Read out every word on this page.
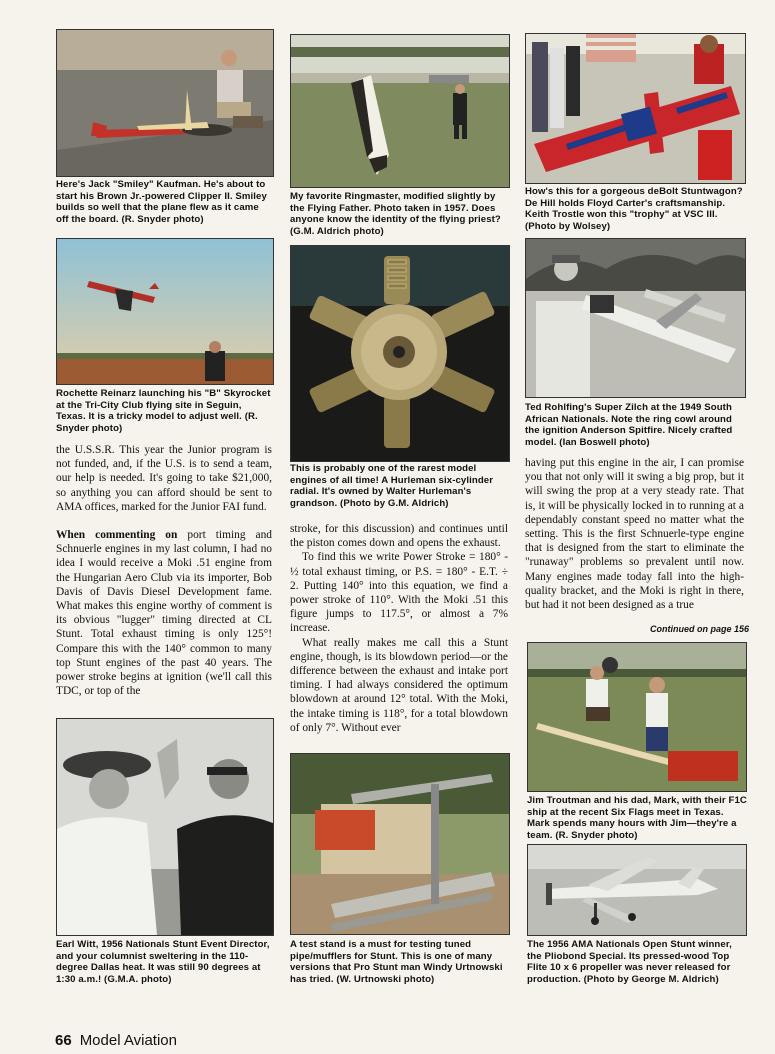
Here's Jack "Smiley" Kaufman. He's about to start his Brown Jr.-powered Clipper II. Smiley builds so well that the plane flew as it came off the board. (R. Snyder photo)
My favorite Ringmaster, modified slightly by the Flying Father. Photo taken in 1957. Does anyone know the identity of the flying priest? (G.M. Aldrich photo)
How's this for a gorgeous deBolt Stuntwagon? De Hill holds Floyd Carter's craftsmanship. Keith Trostle won this "trophy" at VSC III. (Photo by Wolsey)
Rochette Reinarz launching his "B" Skyrocket at the Tri-City Club flying site in Seguin, Texas. It is a tricky model to adjust well. (R. Snyder photo)
This is probably one of the rarest model engines of all time! A Hurleman six-cylinder radial. It's owned by Walter Hurleman's grandson. (Photo by G.M. Aldrich)
Ted Rohlfing's Super Zilch at the 1949 South African Nationals. Note the ring cowl around the ignition Anderson Spitfire. Nicely crafted model. (Ian Boswell photo)

the U.S.S.R. This year the Junior program is not funded, and, if the U.S. is to send a team, our help is needed. It's going to take $21,000, so anything you can afford should be sent to AMA offices, marked for the Junior FAI fund.

When commenting on port timing and Schnuerle engines in my last column, I had no idea I would receive a Moki .51 engine from the Hungarian Aero Club via its importer, Bob Davis of Davis Diesel Development fame. What makes this engine worthy of comment is its obvious "lugger" timing directed at CL Stunt. Total exhaust timing is only 125°! Compare this with the 140° common to many top Stunt engines of the past 40 years. The power stroke begins at ignition (we'll call this TDC, or top of the

stroke, for this discussion) and continues until the piston comes down and opens the exhaust.

To find this we write Power Stroke = 180° - ½ total exhaust timing, or P.S. = 180° - E.T. ÷ 2. Putting 140° into this equation, we find a power stroke of 110°. With the Moki .51 this figure jumps to 117.5°, or almost a 7% increase.

What really makes me call this a Stunt engine, though, is its blowdown period—or the difference between the exhaust and intake port timing. I had always considered the optimum blowdown at around 12° total. With the Moki, the intake timing is 118°, for a total blowdown of only 7°. Without ever

having put this engine in the air, I can promise you that not only will it swing a big prop, but it will swing the prop at a very steady rate. That is, it will be physically locked in to running at a dependably constant speed no matter what the setting. This is the first Schnuerle-type engine that is designed from the start to eliminate the "runaway" problems so prevalent until now. Many engines made today fall into the high-quality bracket, and the Moki is right in there, but had it not been designed as a true

Continued on page 156
Jim Troutman and his dad, Mark, with their F1C ship at the recent Six Flags meet in Texas. Mark spends many hours with Jim—they're a team. (R. Snyder photo)
Earl Witt, 1956 Nationals Stunt Event Director, and your columnist sweltering in the 110-degree Dallas heat. It was still 90 degrees at 1:30 a.m.! (G.M.A. photo)
A test stand is a must for testing tuned pipe/mufflers for Stunt. This is one of many versions that Pro Stunt man Windy Urtnowski has tried. (W. Urtnowski photo)
The 1956 AMA Nationals Open Stunt winner, the Pliobond Special. Its pressed-wood Top Flite 10 x 6 propeller was never released for production. (Photo by George M. Aldrich)
66 Model Aviation
